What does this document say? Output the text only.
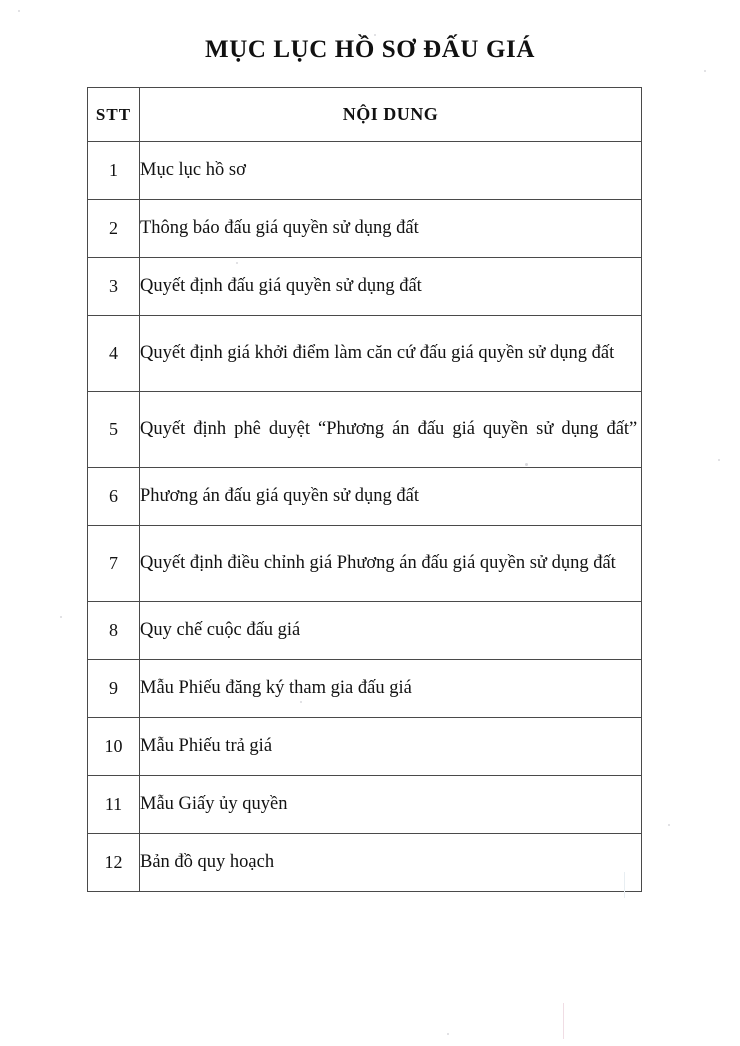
MỤC LỤC HỒ SƠ ĐẤU GIÁ
STT	NỘI DUNG
1	Mục lục hồ sơ

2	Thông báo đấu giá quyền sử dụng đất

3	Quyết định đấu giá quyền sử dụng đất

4	Quyết định giá khởi điểm làm căn cứ đấu giá quyền sử dụng đất

5	Quyết định phê duyệt “Phương án đấu giá quyền sử dụng đất”

6	Phương án đấu giá quyền sử dụng đất

7	Quyết định điều chỉnh giá Phương án đấu giá quyền sử dụng đất

8	Quy chế cuộc đấu giá

9	Mẫu Phiếu đăng ký tham gia đấu giá

10	Mẫu Phiếu trả giá

11	Mẫu Giấy ủy quyền

12	Bản đồ quy hoạch
